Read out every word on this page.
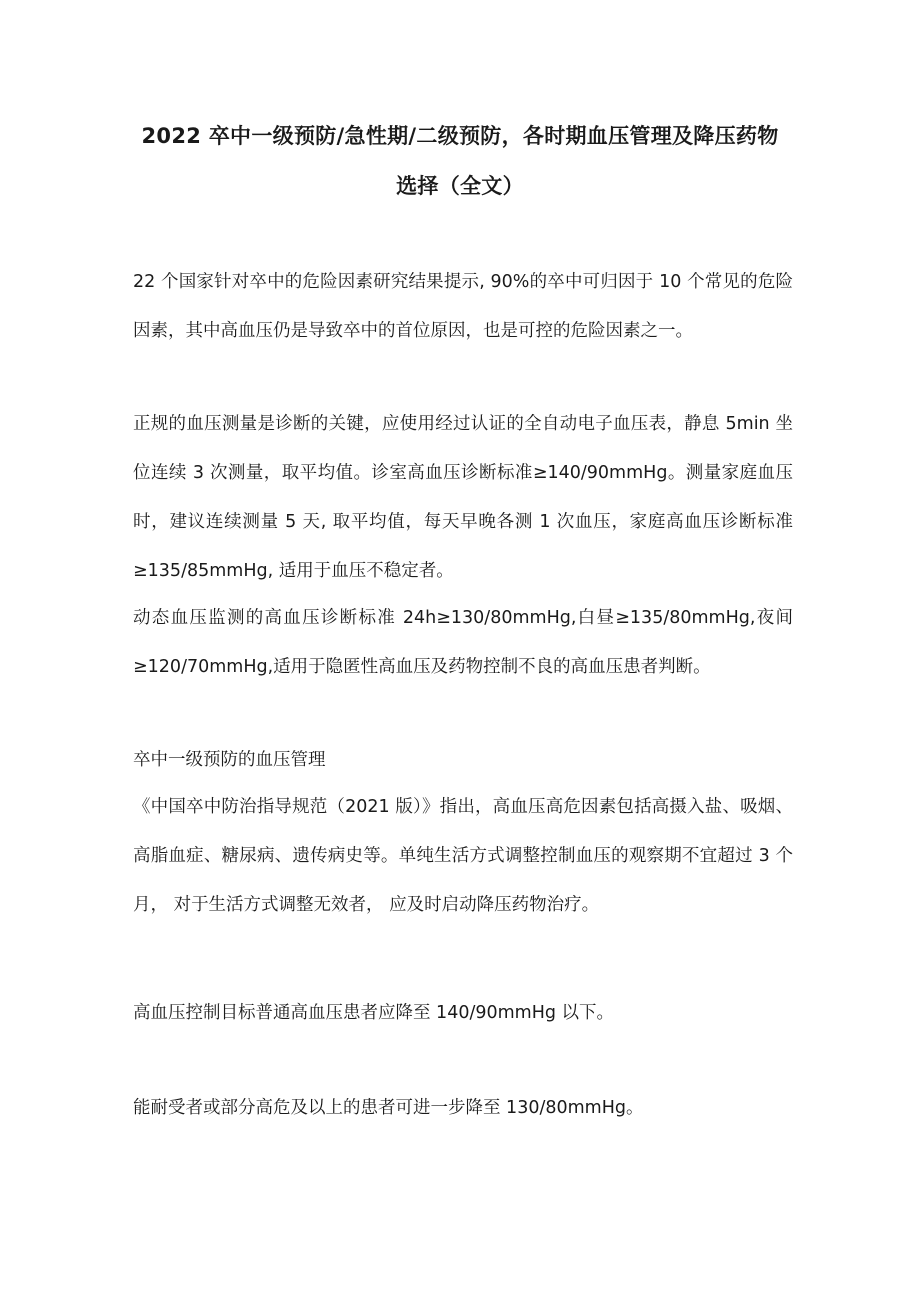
2022 卒中一级预防/急性期/二级预防，各时期血压管理及降压药物
选择（全文）
22 个国家针对卒中的危险因素研究结果提示, 90%的卒中可归因于 10 个常见的危险因素，其中高血压仍是导致卒中的首位原因，也是可控的危险因素之一。
正规的血压测量是诊断的关键，应使用经过认证的全自动电子血压表，静息 5min 坐位连续 3 次测量，取平均值。诊室高血压诊断标准≥140/90mmHg。测量家庭血压时，建议连续测量 5 天, 取平均值，每天早晚各测 1 次血压，家庭高血压诊断标准≥135/85mmHg, 适用于血压不稳定者。
动态血压监测的高血压诊断标准 24h≥130/80mmHg,白昼≥135/80mmHg,夜间≥120/70mmHg,适用于隐匿性高血压及药物控制不良的高血压患者判断。
卒中一级预防的血压管理
《中国卒中防治指导规范（2021 版）》指出，高血压高危因素包括高摄入盐、吸烟、高脂血症、糖尿病、遗传病史等。单纯生活方式调整控制血压的观察期不宜超过 3 个月， 对于生活方式调整无效者， 应及时启动降压药物治疗。
高血压控制目标普通高血压患者应降至 140/90mmHg 以下。
能耐受者或部分高危及以上的患者可进一步降至 130/80mmHg。
